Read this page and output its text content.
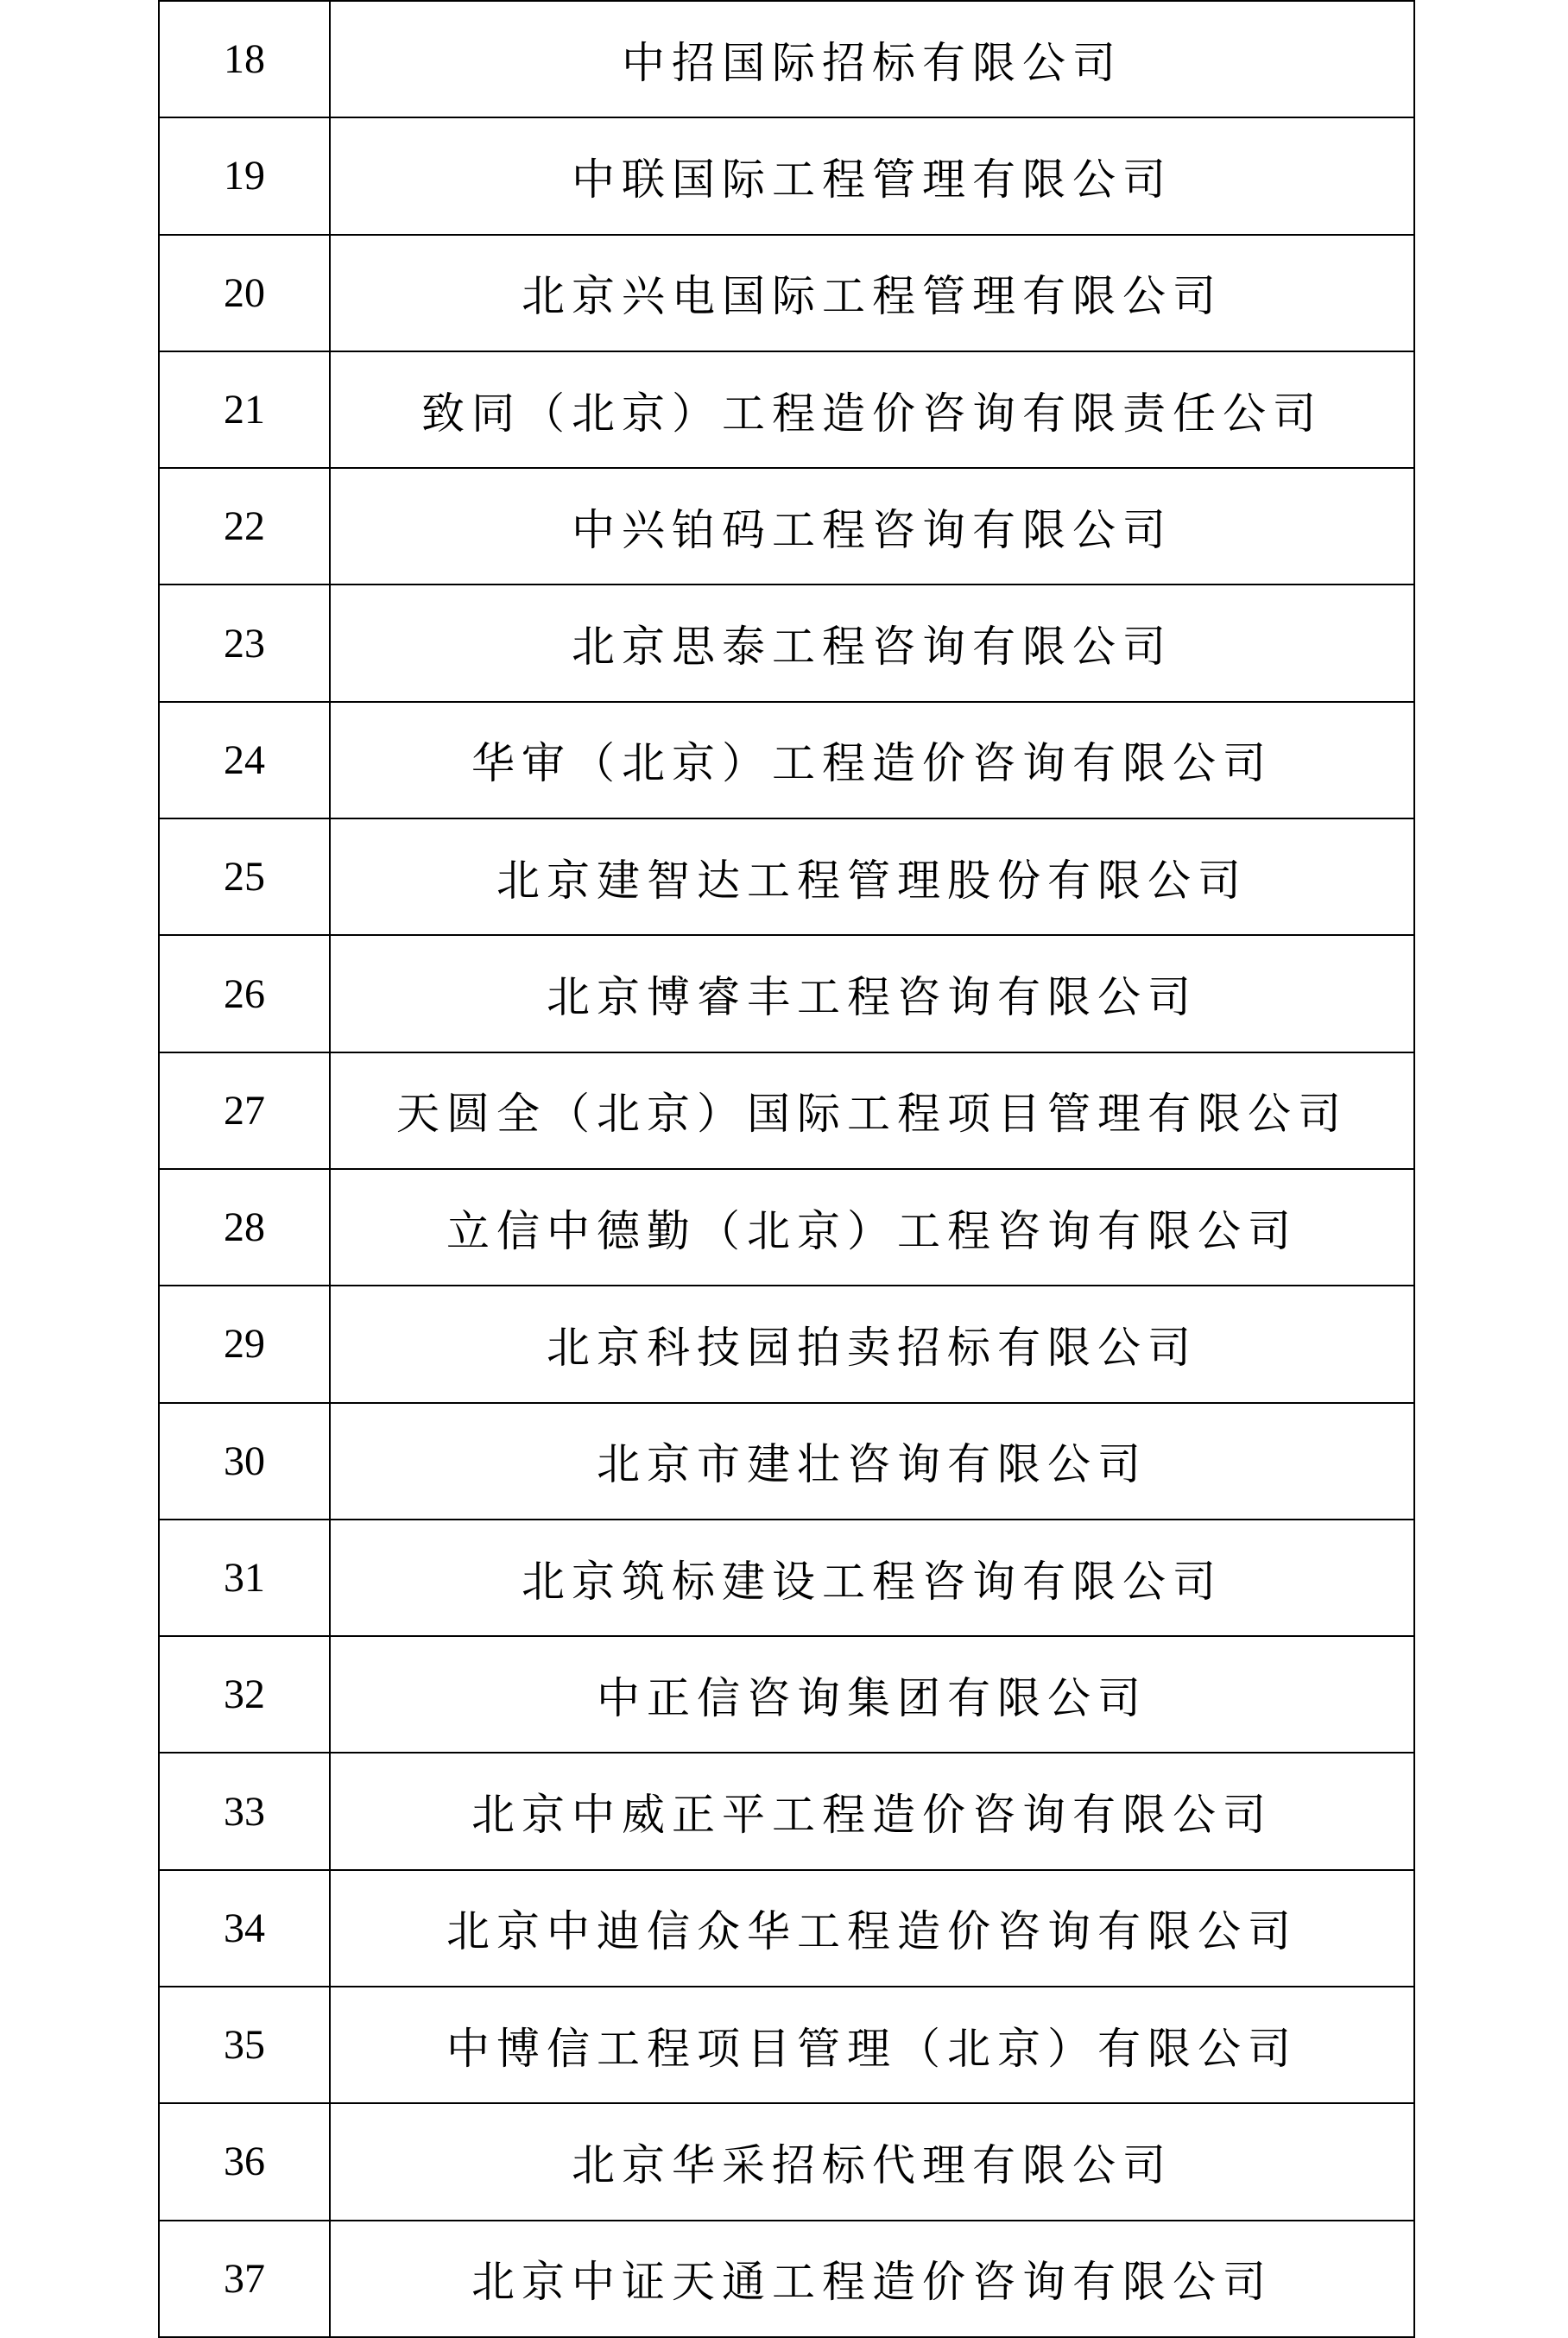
18	中招国际招标有限公司
19	中联国际工程管理有限公司
20	北京兴电国际工程管理有限公司
21	致同（北京）工程造价咨询有限责任公司
22	中兴铂码工程咨询有限公司
23	北京思泰工程咨询有限公司
24	华审（北京）工程造价咨询有限公司
25	北京建智达工程管理股份有限公司
26	北京博睿丰工程咨询有限公司
27	天圆全（北京）国际工程项目管理有限公司
28	立信中德勤（北京）工程咨询有限公司
29	北京科技园拍卖招标有限公司
30	北京市建壮咨询有限公司
31	北京筑标建设工程咨询有限公司
32	中正信咨询集团有限公司
33	北京中威正平工程造价咨询有限公司
34	北京中迪信众华工程造价咨询有限公司
35	中博信工程项目管理（北京）有限公司
36	北京华采招标代理有限公司
37	北京中证天通工程造价咨询有限公司
